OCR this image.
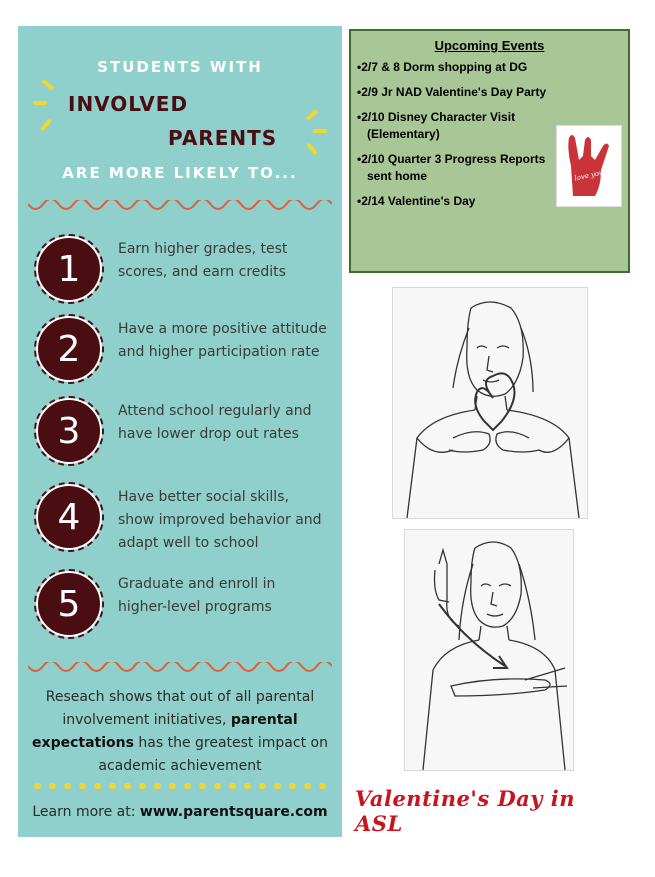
STUDENTS WITH
INVOLVED
PARENTS
ARE MORE LIKELY TO...
1	Earn higher grades, test scores, and earn credits
2	Have a more positive attitude and higher participation rate
3	Attend school regularly and have lower drop out rates
4	Have better social skills, show improved behavior and adapt well to school
5	Graduate and enroll in higher-level programs
Reseach shows that out of all parental involvement initiatives, parental expectations has the greatest impact on academic achievement
Learn more at: www.parentsquare.com
Upcoming Events
• 2/7 & 8 Dorm shopping at DG
• 2/9 Jr NAD Valentine's Day Party
• 2/10 Disney Character Visit (Elementary)
• 2/10 Quarter 3 Progress Reports sent home
• 2/14 Valentine's Day
I love you
Valentine's Day in ASL
